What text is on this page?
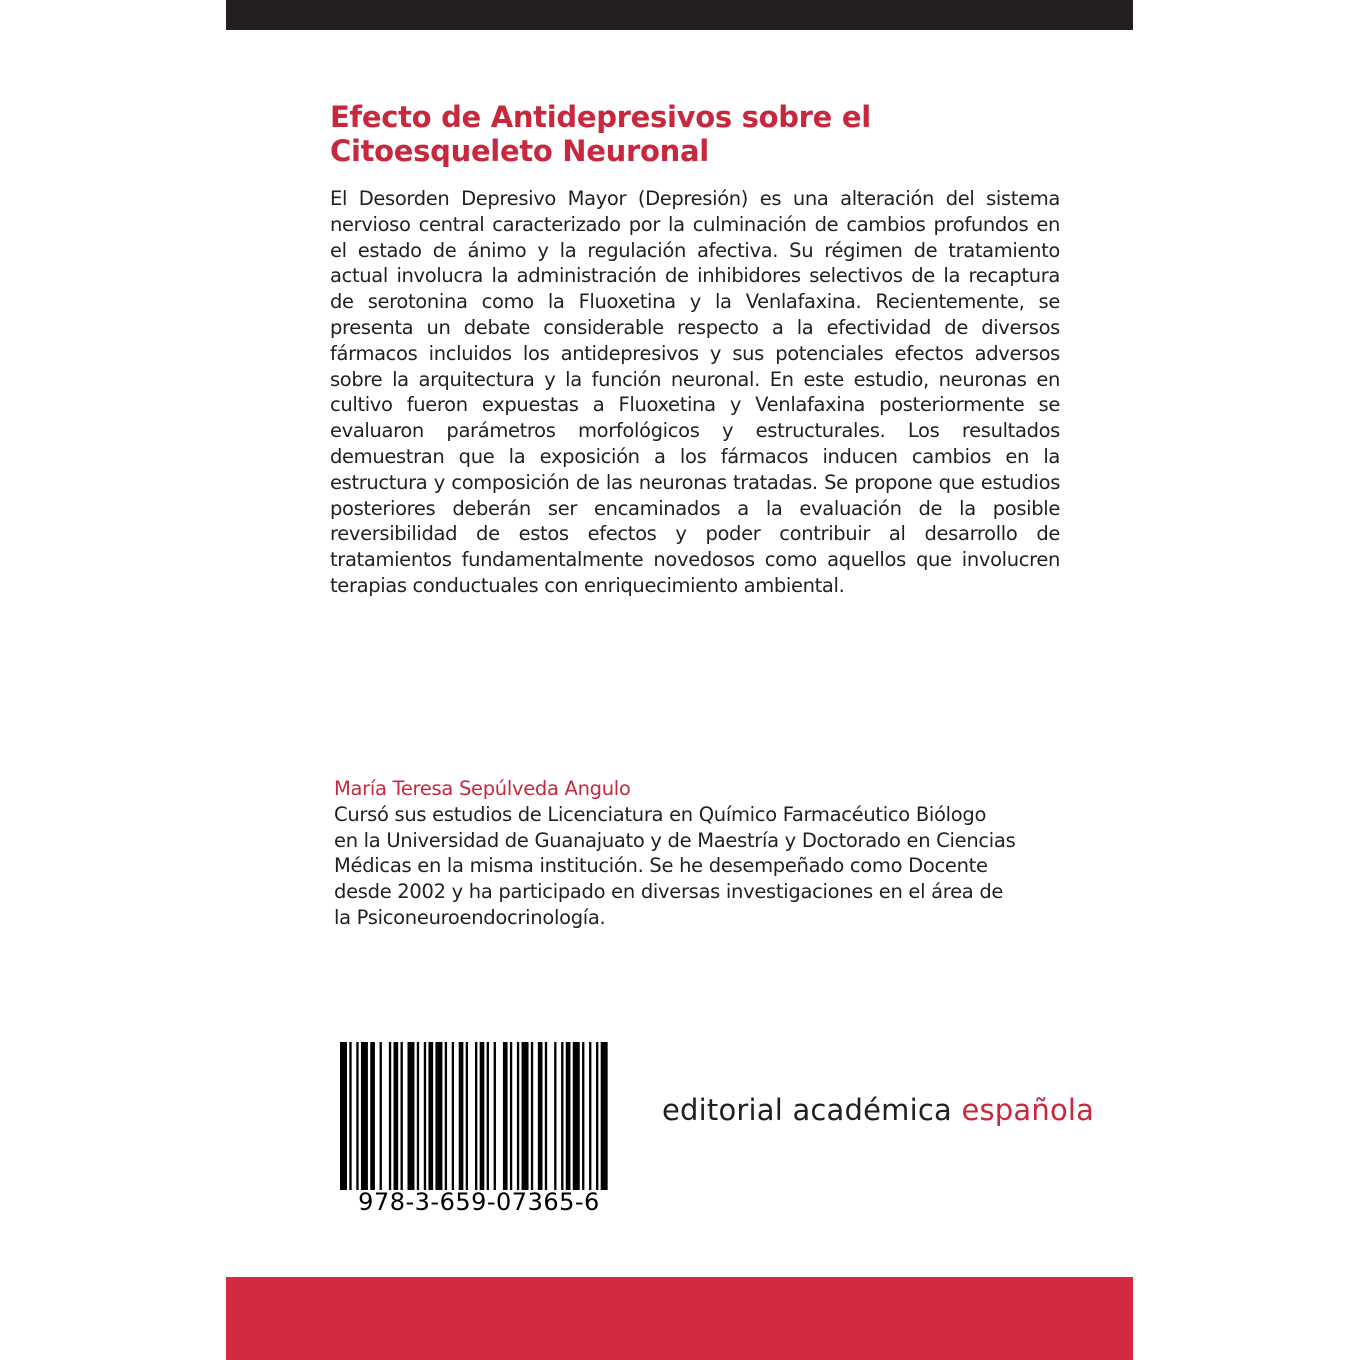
Efecto de Antidepresivos sobre el Citoesqueleto Neuronal

El Desorden Depresivo Mayor (Depresión) es una alteración del sistema nervioso central caracterizado por la culminación de cambios profundos en el estado de ánimo y la regulación afectiva. Su régimen de tratamiento actual involucra la administración de inhibidores selectivos de la recaptura de serotonina como la Fluoxetina y la Venlafaxina. Recientemente, se presenta un debate considerable respecto a la efectividad de diversos fármacos incluidos los antidepresivos y sus potenciales efectos adversos sobre la arquitectura y la función neuronal. En este estudio, neuronas en cultivo fueron expuestas a Fluoxetina y Venlafaxina posteriormente se evaluaron parámetros morfológicos y estructurales. Los resultados demuestran que la exposición a los fármacos inducen cambios en la estructura y composición de las neuronas tratadas. Se propone que estudios posteriores deberán ser encaminados a la evaluación de la posible reversibilidad de estos efectos y poder contribuir al desarrollo de tratamientos fundamentalmente novedosos como aquellos que involucren terapias conductuales con enriquecimiento ambiental.

María Teresa Sepúlveda Angulo

Cursó sus estudios de Licenciatura en Químico Farmacéutico Biólogo
en la Universidad de Guanajuato y de Maestría y Doctorado en Ciencias
Médicas en la misma institución. Se he desempeñado como Docente
desde 2002 y ha participado en diversas investigaciones en el área de
la Psiconeuroendocrinología.

978-3-659-07365-6
editorial académica española
